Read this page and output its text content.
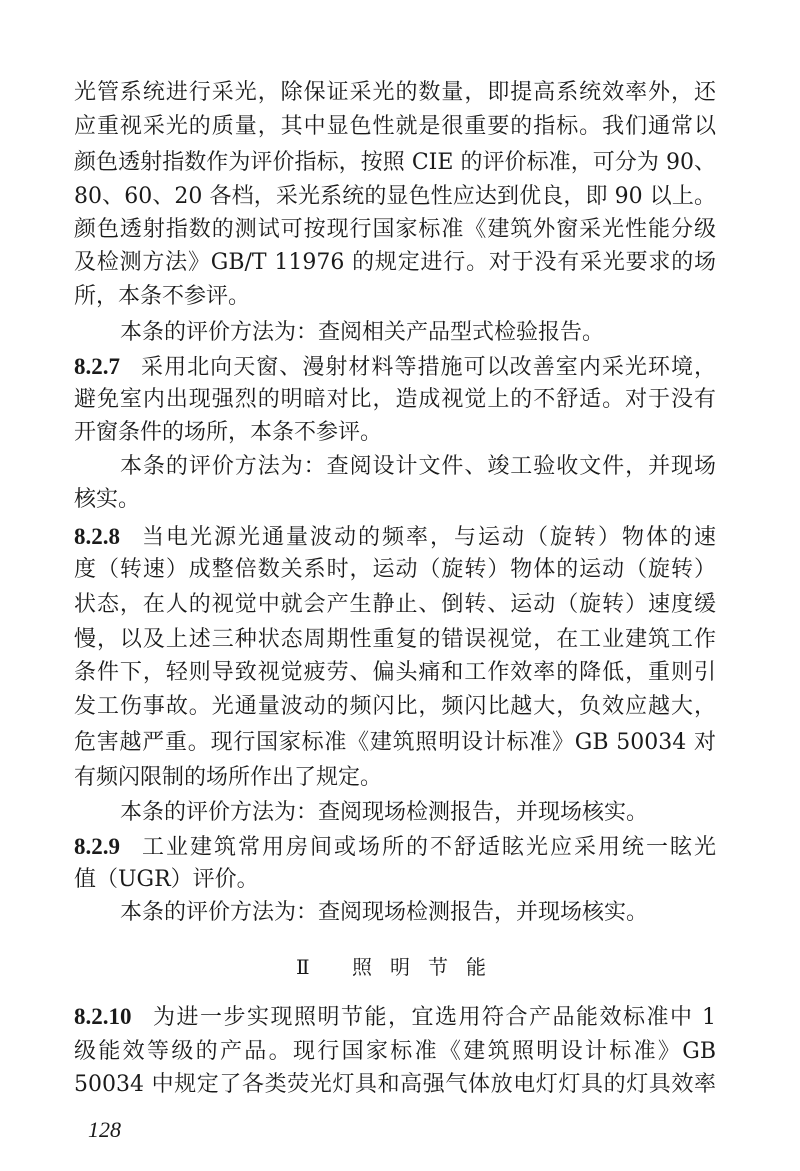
Ⅱ 照明节能
128
光管系统进行采光，除保证采光的数量，即提高系统效率外，还
应重视采光的质量，其中显色性就是很重要的指标。我们通常以
颜色透射指数作为评价指标，按照 CIE 的评价标准，可分为 90、
80、60、20 各档，采光系统的显色性应达到优良，即 90 以上。
颜色透射指数的测试可按现行国家标准《建筑外窗采光性能分级
及检测方法》GB/T 11976 的规定进行。对于没有采光要求的场
所，本条不参评。
本条的评价方法为：查阅相关产品型式检验报告。
8.2.7 采用北向天窗、漫射材料等措施可以改善室内采光环境，
避免室内出现强烈的明暗对比，造成视觉上的不舒适。对于没有
开窗条件的场所，本条不参评。
本条的评价方法为：查阅设计文件、竣工验收文件，并现场
核实。
8.2.8 当电光源光通量波动的频率，与运动（旋转）物体的速
度（转速）成整倍数关系时，运动（旋转）物体的运动（旋转）
状态，在人的视觉中就会产生静止、倒转、运动（旋转）速度缓
慢，以及上述三种状态周期性重复的错误视觉，在工业建筑工作
条件下，轻则导致视觉疲劳、偏头痛和工作效率的降低，重则引
发工伤事故。光通量波动的频闪比，频闪比越大，负效应越大，
危害越严重。现行国家标准《建筑照明设计标准》GB 50034 对
有频闪限制的场所作出了规定。
本条的评价方法为：查阅现场检测报告，并现场核实。
8.2.9 工业建筑常用房间或场所的不舒适眩光应采用统一眩光
值（UGR）评价。
本条的评价方法为：查阅现场检测报告，并现场核实。
8.2.10 为进一步实现照明节能，宜选用符合产品能效标准中 1
级能效等级的产品。现行国家标准《建筑照明设计标准》GB
50034 中规定了各类荧光灯具和高强气体放电灯灯具的灯具效率
